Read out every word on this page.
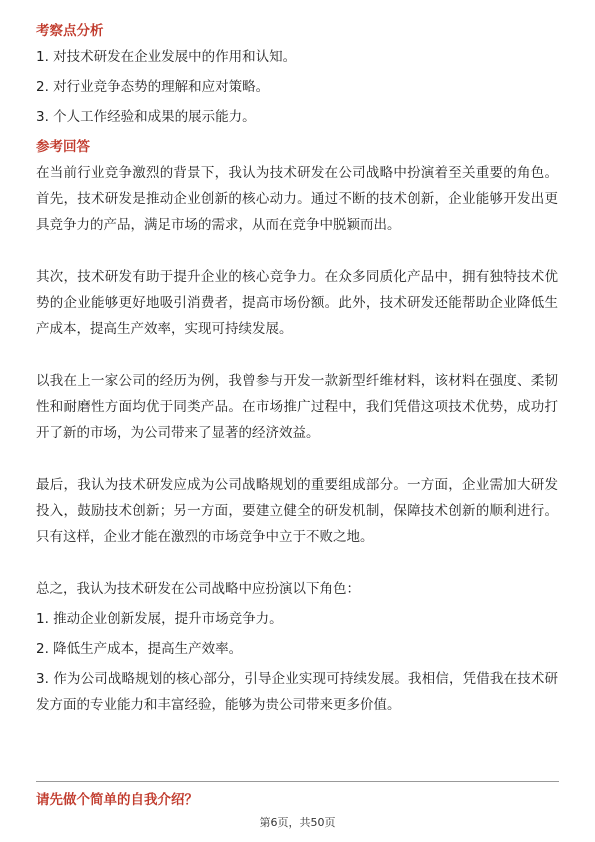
考察点分析
1. 对技术研发在企业发展中的作用和认知。
2. 对行业竞争态势的理解和应对策略。
3. 个人工作经验和成果的展示能力。
参考回答

在当前行业竞争激烈的背景下，我认为技术研发在公司战略中扮演着至关重要的角色。首先，技术研发是推动企业创新的核心动力。通过不断的技术创新，企业能够开发出更具竞争力的产品，满足市场的需求，从而在竞争中脱颖而出。

其次，技术研发有助于提升企业的核心竞争力。在众多同质化产品中，拥有独特技术优势的企业能够更好地吸引消费者，提高市场份额。此外，技术研发还能帮助企业降低生产成本，提高生产效率，实现可持续发展。

以我在上一家公司的经历为例，我曾参与开发一款新型纤维材料，该材料在强度、柔韧性和耐磨性方面均优于同类产品。在市场推广过程中，我们凭借这项技术优势，成功打开了新的市场，为公司带来了显著的经济效益。

最后，我认为技术研发应成为公司战略规划的重要组成部分。一方面，企业需加大研发投入，鼓励技术创新；另一方面，要建立健全的研发机制，保障技术创新的顺利进行。只有这样，企业才能在激烈的市场竞争中立于不败之地。

总之，我认为技术研发在公司战略中应扮演以下角色：
1. 推动企业创新发展，提升市场竞争力。
2. 降低生产成本，提高生产效率。
3. 作为公司战略规划的核心部分，引导企业实现可持续发展。我相信，凭借我在技术研发方面的专业能力和丰富经验，能够为贵公司带来更多价值。
请先做个简单的自我介绍？
第6页，共50页
